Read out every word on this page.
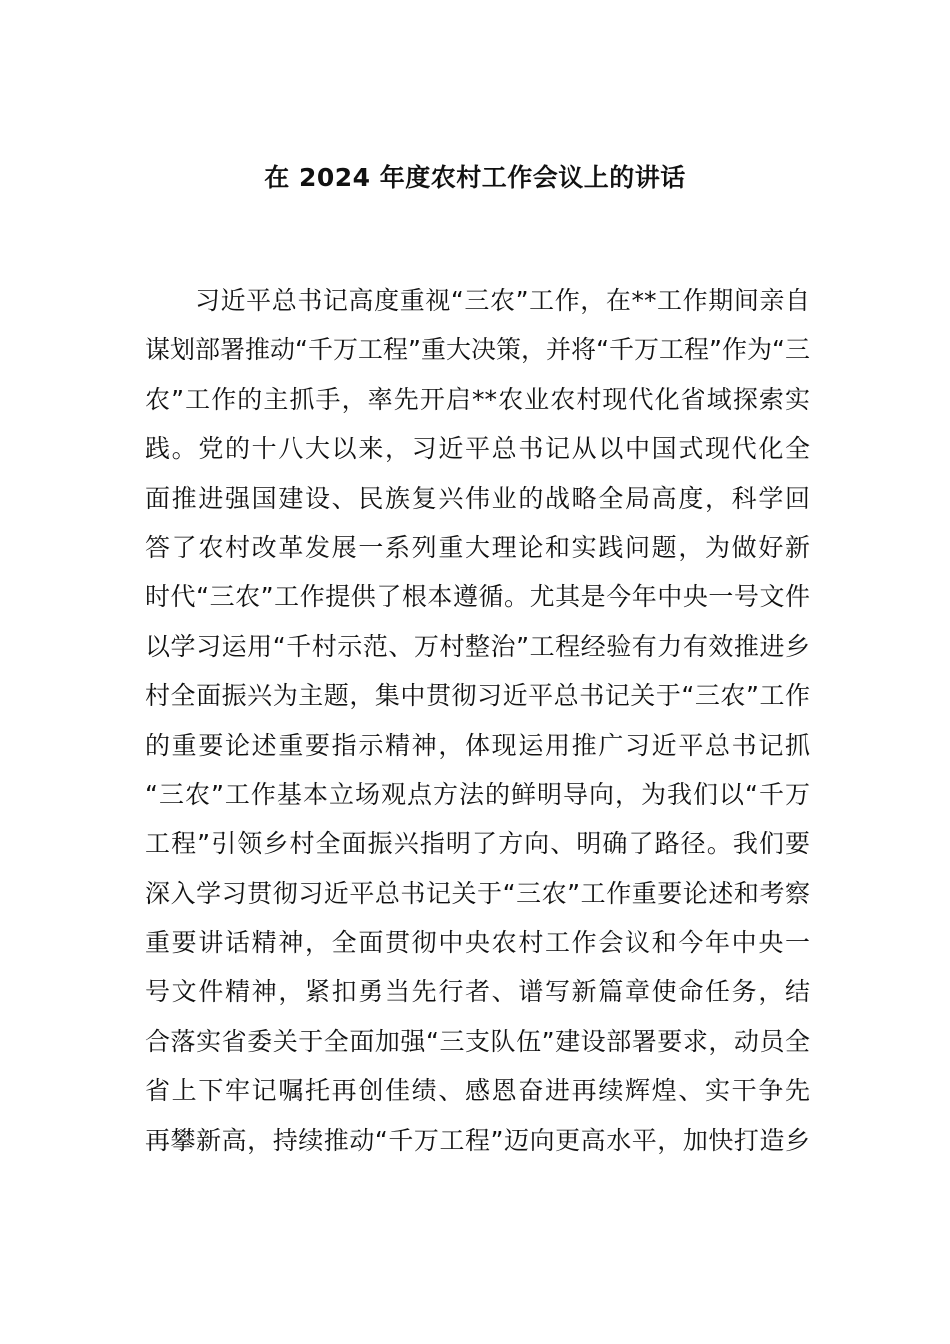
在 2024 年度农村工作会议上的讲话
习近平总书记高度重视“三农”工作，在**工作期间亲自
谋划部署推动“千万工程”重大决策，并将“千万工程”作为“三
农”工作的主抓手，率先开启**农业农村现代化省域探索实
践。党的十八大以来，习近平总书记从以中国式现代化全
面推进强国建设、民族复兴伟业的战略全局高度，科学回
答了农村改革发展一系列重大理论和实践问题，为做好新
时代“三农”工作提供了根本遵循。尤其是今年中央一号文件
以学习运用“千村示范、万村整治”工程经验有力有效推进乡
村全面振兴为主题，集中贯彻习近平总书记关于“三农”工作
的重要论述重要指示精神，体现运用推广习近平总书记抓
“三农”工作基本立场观点方法的鲜明导向，为我们以“千万
工程”引领乡村全面振兴指明了方向、明确了路径。我们要
深入学习贯彻习近平总书记关于“三农”工作重要论述和考察
重要讲话精神，全面贯彻中央农村工作会议和今年中央一
号文件精神，紧扣勇当先行者、谱写新篇章使命任务，结
合落实省委关于全面加强“三支队伍”建设部署要求，动员全
省上下牢记嘱托再创佳绩、感恩奋进再续辉煌、实干争先
再攀新高，持续推动“千万工程”迈向更高水平，加快打造乡
